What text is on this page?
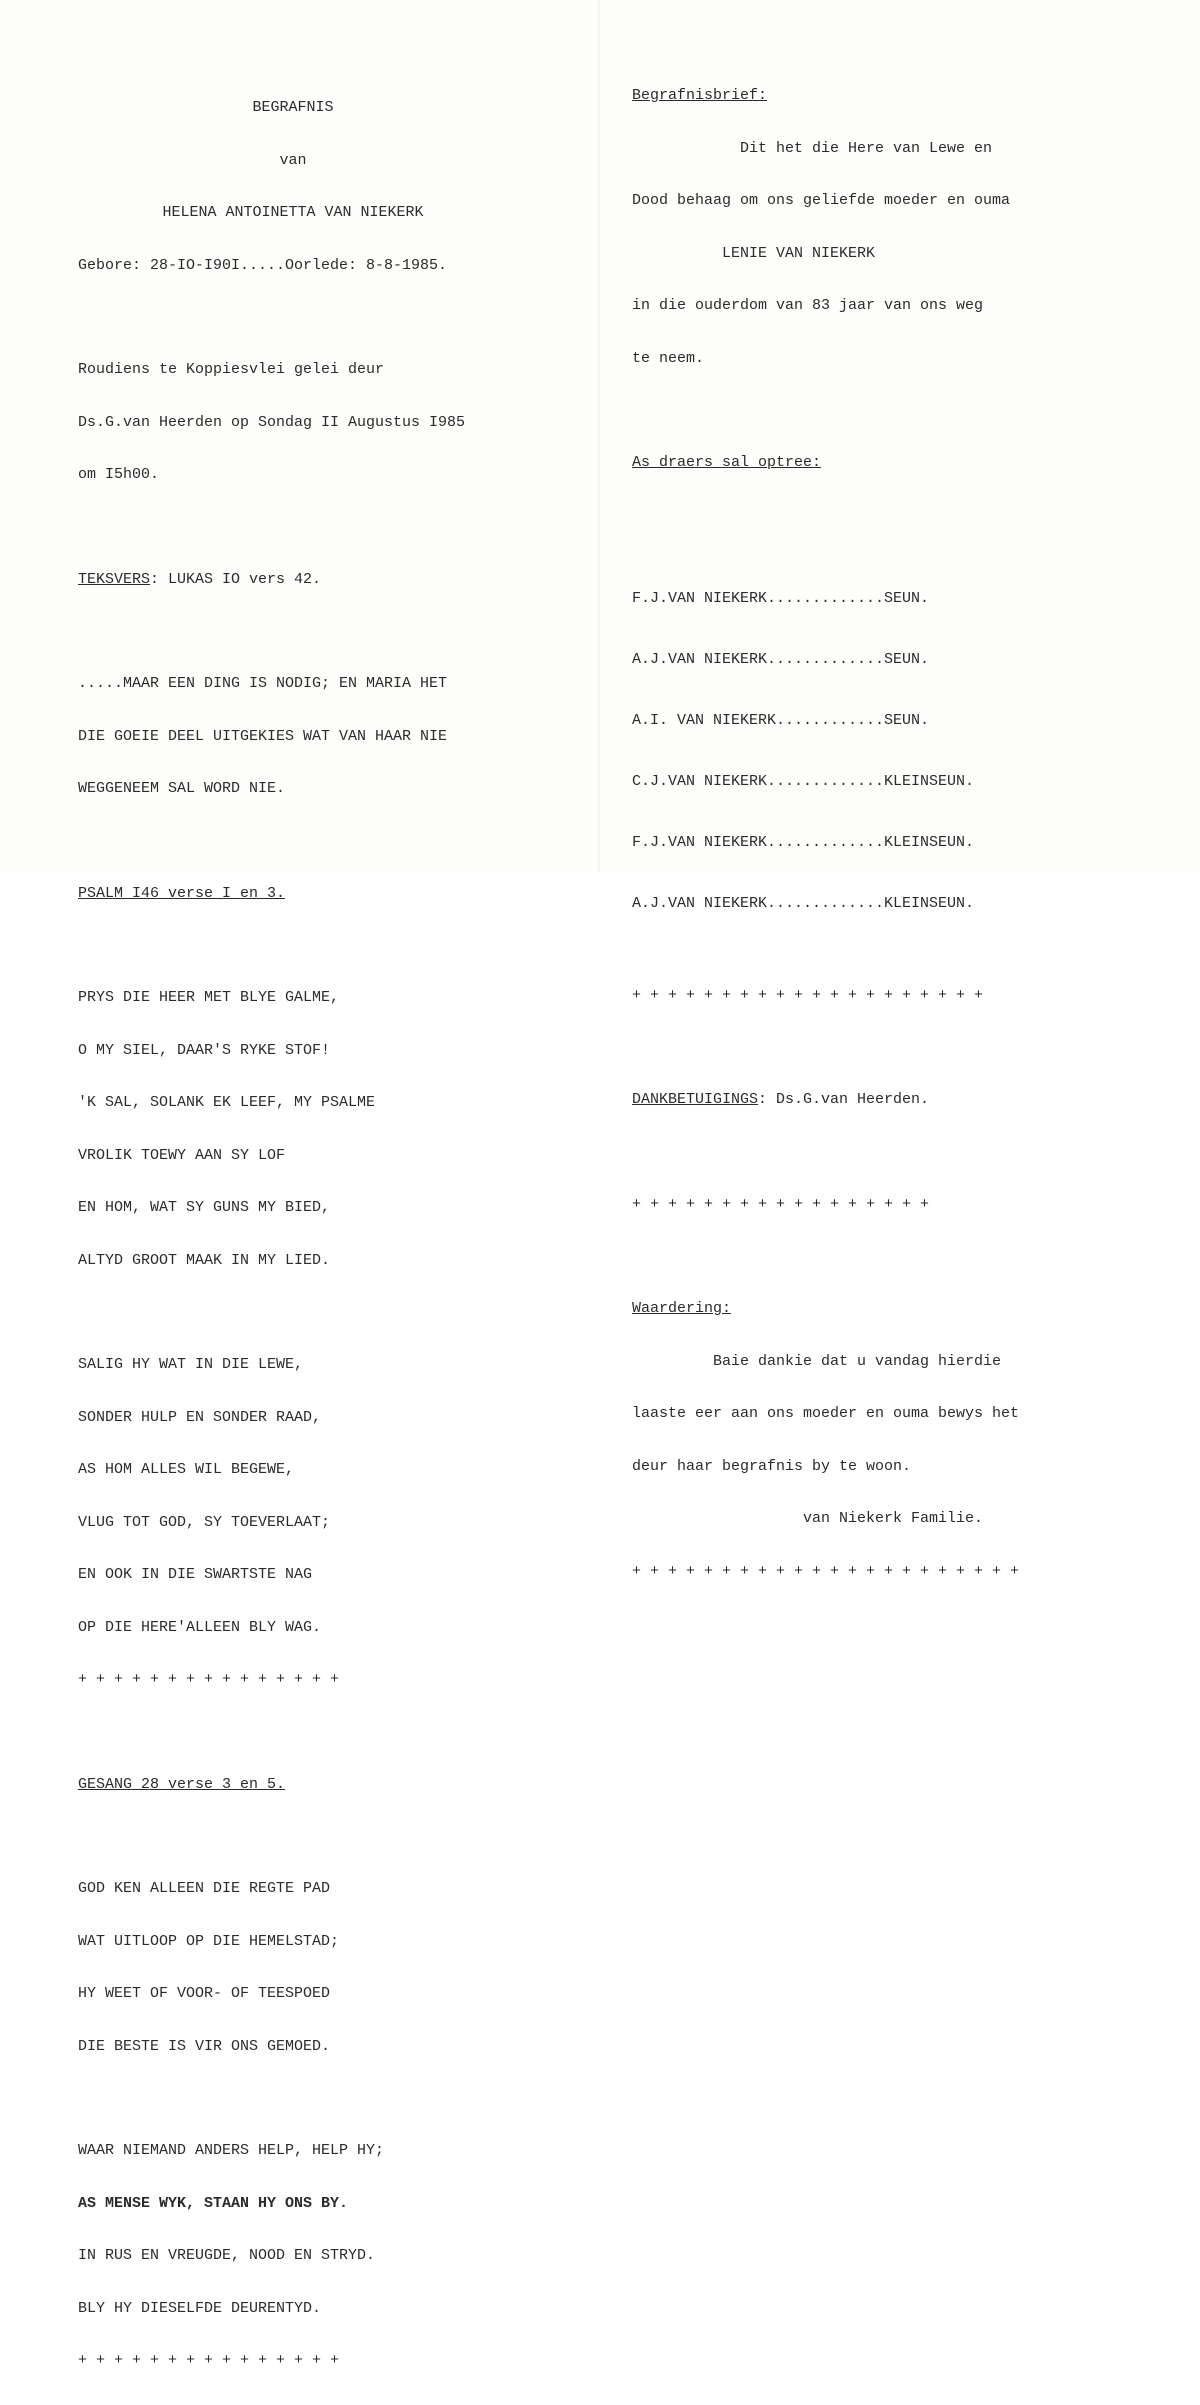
BEGRAFNIS

van

HELENA ANTOINETTA VAN NIEKERK

Gebore: 28-IO-I90I.....Oorlede: 8-8-1985.

Roudiens te Koppiesvlei gelei deur

Ds.G.van Heerden op Sondag II Augustus I985

om I5h00.

TEKSVERS: LUKAS IO vers 42.

.....MAAR EEN DING IS NODIG; EN MARIA HET

DIE GOEIE DEEL UITGEKIES WAT VAN HAAR NIE

WEGGENEEM SAL WORD NIE.

PSALM I46 verse I en 3.

PRYS DIE HEER MET BLYE GALME,

O MY SIEL, DAAR'S RYKE STOF!

'K SAL, SOLANK EK LEEF, MY PSALME

VROLIK TOEWY AAN SY LOF

EN HOM, WAT SY GUNS MY BIED,

ALTYD GROOT MAAK IN MY LIED.

SALIG HY WAT IN DIE LEWE,

SONDER HULP EN SONDER RAAD,

AS HOM ALLES WIL BEGEWE,

VLUG TOT GOD, SY TOEVERLAAT;

EN OOK IN DIE SWARTSTE NAG

OP DIE HERE'ALLEEN BLY WAG.

+ + + + + + + + + + + + + + +

GESANG 28 verse 3 en 5.

GOD KEN ALLEEN DIE REGTE PAD

WAT UITLOOP OP DIE HEMELSTAD;

HY WEET OF VOOR- OF TEESPOED

DIE BESTE IS VIR ONS GEMOED.

WAAR NIEMAND ANDERS HELP, HELP HY;

AS MENSE WYK, STAAN HY ONS BY.

IN RUS EN VREUGDE, NOOD EN STRYD.

BLY HY DIESELFDE DEURENTYD.

+ + + + + + + + + + + + + + +

Begrafnisbrief:

Dit het die Here van Lewe en

Dood behaag om ons geliefde moeder en ouma

LENIE VAN NIEKERK

in die ouderdom van 83 jaar van ons weg

te neem.

As draers sal optree:

F.J.VAN NIEKERK.............SEUN.

A.J.VAN NIEKERK.............SEUN.

A.I. VAN NIEKERK............SEUN.

C.J.VAN NIEKERK.............KLEINSEUN.

F.J.VAN NIEKERK.............KLEINSEUN.

A.J.VAN NIEKERK.............KLEINSEUN.

+ + + + + + + + + + + + + + + + + + + +

DANKBETUIGINGS: Ds.G.van Heerden.

+ + + + + + + + + + + + + + + + +

Waardering:

Baie dankie dat u vandag hierdie

laaste eer aan ons moeder en ouma bewys het

deur haar begrafnis by te woon.

van Niekerk Familie.

+ + + + + + + + + + + + + + + + + + + + + +
